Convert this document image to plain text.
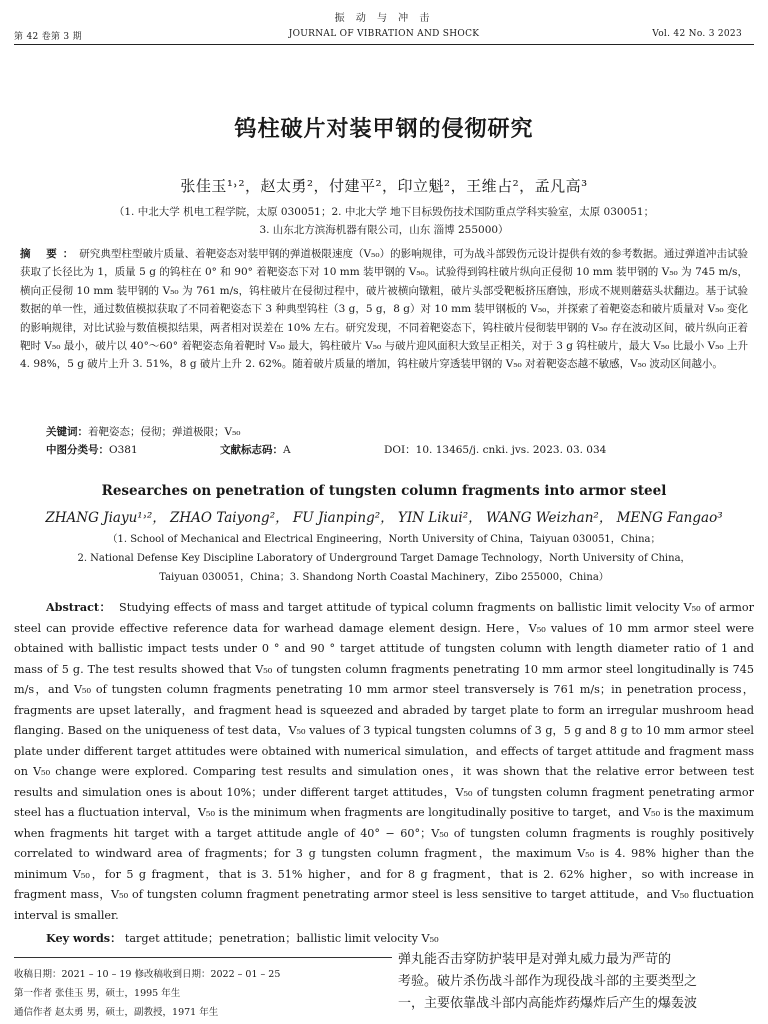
振 动 与 冲 击
第 42 卷第 3 期	JOURNAL OF VIBRATION AND SHOCK	Vol. 42 No. 3 2023
钨柱破片对装甲钢的侵彻研究
张佳玉¹˒²，赵太勇²，付建平²，印立魁²，王维占²，孟凡高³
（1. 中北大学 机电工程学院，太原 030051；2. 中北大学 地下目标毁伤技术国防重点学科实验室，太原 030051；
3. 山东北方滨海机器有限公司，山东 淄博 255000）
摘 要：研究典型柱型破片质量、着靶姿态对装甲钢的弹道极限速度（V₅₀）的影响规律，可为战斗部毁伤元设计提供有效的参考数据。通过弹道冲击试验获取了长径比为 1，质量 5 g 的钨柱在 0° 和 90° 着靶姿态下对 10 mm 装甲钢的 V₅₀。试验得到钨柱破片纵向正侵彻 10 mm 装甲钢的 V₅₀ 为 745 m/s，横向正侵彻 10 mm 装甲钢的 V₅₀ 为 761 m/s，钨柱破片在侵彻过程中，破片被横向镦粗，破片头部受靶板挤压磨蚀，形成不规则蘑菇头状翻边。基于试验数据的单一性，通过数值模拟获取了不同着靶姿态下 3 种典型钨柱（3 g，5 g，8 g）对 10 mm 装甲钢板的 V₅₀，并探索了着靶姿态和破片质量对 V₅₀ 变化的影响规律，对比试验与数值模拟结果，两者相对误差在 10% 左右。研究发现，不同着靶姿态下，钨柱破片侵彻装甲钢的 V₅₀ 存在波动区间，破片纵向正着靶时 V₅₀ 最小，破片以 40°～60° 着靶姿态角着靶时 V₅₀ 最大，钨柱破片 V₅₀ 与破片迎风面积大致呈正相关，对于 3 g 钨柱破片，最大 V₅₀ 比最小 V₅₀ 上升 4. 98%，5 g 破片上升 3. 51%，8 g 破片上升 2. 62%。随着破片质量的增加，钨柱破片穿透装甲钢的 V₅₀ 对着靶姿态越不敏感，V₅₀ 波动区间越小。
关键词：着靶姿态；侵彻；弹道极限；V₅₀
中图分类号：O381	文献标志码：A	DOI：10. 13465/j. cnki. jvs. 2023. 03. 034
Researches on penetration of tungsten column fragments into armor steel
ZHANG Jiayu¹˒²， ZHAO Taiyong²， FU Jianping²， YIN Likui²， WANG Weizhan²， MENG Fangao³
（1. School of Mechanical and Electrical Engineering，North University of China，Taiyuan 030051，China；
2. National Defense Key Discipline Laboratory of Underground Target Damage Technology，North University of China，
Taiyuan 030051，China；3. Shandong North Coastal Machinery，Zibo 255000，China）
Abstract： Studying effects of mass and target attitude of typical column fragments on ballistic limit velocity V₅₀ of armor steel can provide effective reference data for warhead damage element design. Here，V₅₀ values of 10 mm armor steel were obtained with ballistic impact tests under 0 ° and 90 ° target attitude of tungsten column with length diameter ratio of 1 and mass of 5 g. The test results showed that V₅₀ of tungsten column fragments penetrating 10 mm armor steel longitudinally is 745 m/s，and V₅₀ of tungsten column fragments penetrating 10 mm armor steel transversely is 761 m/s；in penetration process，fragments are upset laterally，and fragment head is squeezed and abraded by target plate to form an irregular mushroom head flanging. Based on the uniqueness of test data，V₅₀ values of 3 typical tungsten columns of 3 g，5 g and 8 g to 10 mm armor steel plate under different target attitudes were obtained with numerical simulation，and effects of target attitude and fragment mass on V₅₀ change were explored. Comparing test results and simulation ones，it was shown that the relative error between test results and simulation ones is about 10%；under different target attitudes，V₅₀ of tungsten column fragment penetrating armor steel has a fluctuation interval，V₅₀ is the minimum when fragments are longitudinally positive to target，and V₅₀ is the maximum when fragments hit target with a target attitude angle of 40° − 60°；V₅₀ of tungsten column fragments is roughly positively correlated to windward area of fragments；for 3 g tungsten column fragment，the maximum V₅₀ is 4. 98% higher than the minimum V₅₀，for 5 g fragment，that is 3. 51% higher，and for 8 g fragment，that is 2. 62% higher，so with increase in fragment mass，V₅₀ of tungsten column fragment penetrating armor steel is less sensitive to target attitude，and V₅₀ fluctuation interval is smaller.
Key words： target attitude；penetration；ballistic limit velocity V₅₀
收稿日期：2021 – 10 – 19 修改稿收到日期：2022 – 01 – 25
第一作者 张佳玉 男，硕士，1995 年生
通信作者 赵太勇 男，硕士，副教授，1971 年生
弹丸能否击穿防护装甲是对弹丸威力最为严苛的
考验。破片杀伤战斗部作为现役战斗部的主要类型之
一，主要依靠战斗部内高能炸药爆炸后产生的爆轰波
